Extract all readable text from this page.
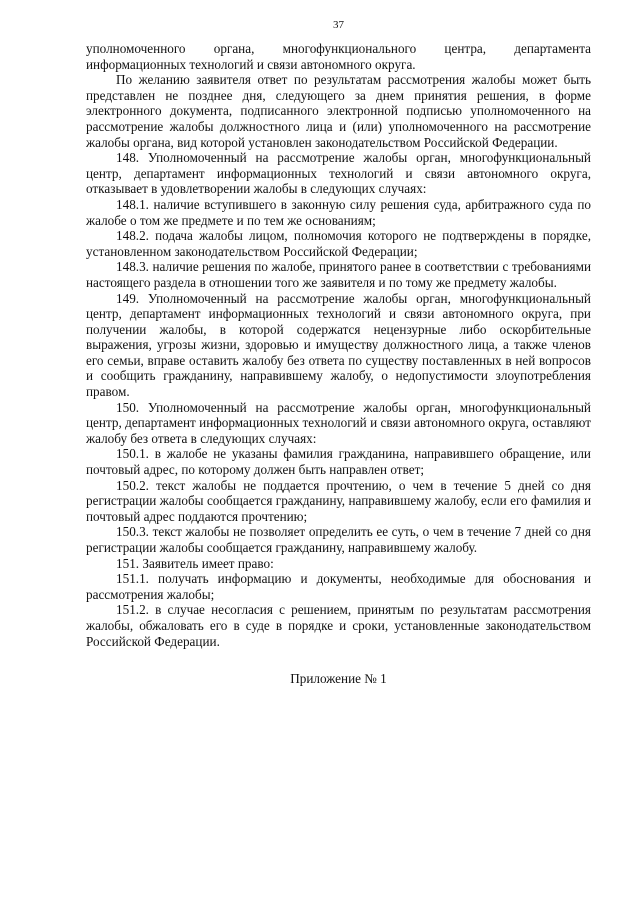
37

уполномоченного органа, многофункционального центра, департамента информационных технологий и связи автономного округа.

По желанию заявителя ответ по результатам рассмотрения жалобы может быть представлен не позднее дня, следующего за днем принятия решения, в форме электронного документа, подписанного электронной подписью уполномоченного на рассмотрение жалобы должностного лица и (или) уполномоченного на рассмотрение жалобы органа, вид которой установлен законодательством Российской Федерации.

148. Уполномоченный на рассмотрение жалобы орган, многофункциональный центр, департамент информационных технологий и связи автономного округа, отказывает в удовлетворении жалобы в следующих случаях:

148.1. наличие вступившего в законную силу решения суда, арбитражного суда по жалобе о том же предмете и по тем же основаниям;

148.2. подача жалобы лицом, полномочия которого не подтверждены в порядке, установленном законодательством Российской Федерации;

148.3. наличие решения по жалобе, принятого ранее в соответствии с требованиями настоящего раздела в отношении того же заявителя и по тому же предмету жалобы.

149. Уполномоченный на рассмотрение жалобы орган, многофункциональный центр, департамент информационных технологий и связи автономного округа, при получении жалобы, в которой содержатся нецензурные либо оскорбительные выражения, угрозы жизни, здоровью и имуществу должностного лица, а также членов его семьи, вправе оставить жалобу без ответа по существу поставленных в ней вопросов и сообщить гражданину, направившему жалобу, о недопустимости злоупотребления правом.

150. Уполномоченный на рассмотрение жалобы орган, многофункциональный центр, департамент информационных технологий и связи автономного округа, оставляют жалобу без ответа в следующих случаях:

150.1. в жалобе не указаны фамилия гражданина, направившего обращение, или почтовый адрес, по которому должен быть направлен ответ;

150.2. текст жалобы не поддается прочтению, о чем в течение 5 дней со дня регистрации жалобы сообщается гражданину, направившему жалобу, если его фамилия и почтовый адрес поддаются прочтению;

150.3. текст жалобы не позволяет определить ее суть, о чем в течение 7 дней со дня регистрации жалобы сообщается гражданину, направившему жалобу.

151. Заявитель имеет право:

151.1. получать информацию и документы, необходимые для обоснования и рассмотрения жалобы;

151.2. в случае несогласия с решением, принятым по результатам рассмотрения жалобы, обжаловать его в суде в порядке и сроки, установленные законодательством Российской Федерации.

Приложение № 1
